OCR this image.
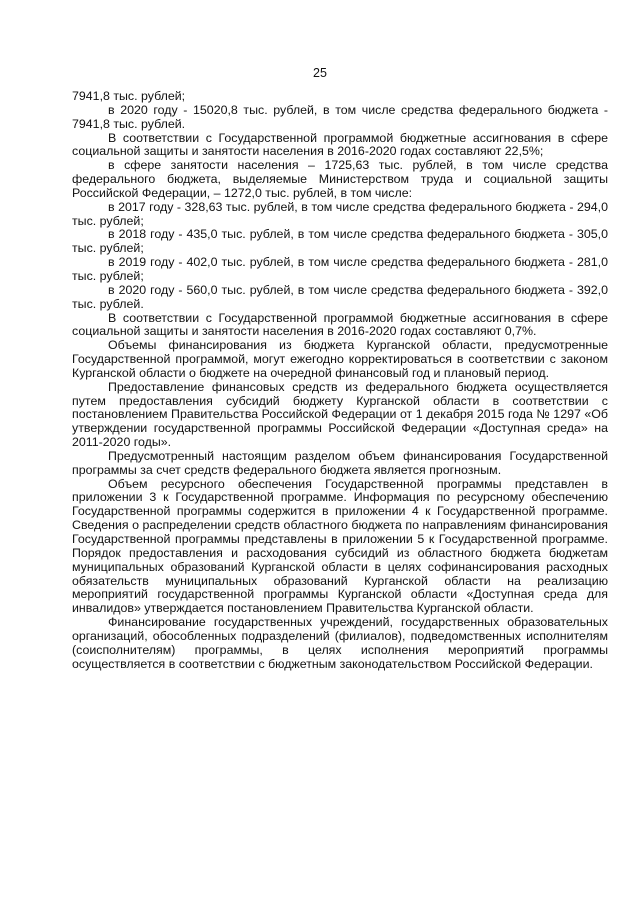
25

7941,8 тыс. рублей;

в 2020 году - 15020,8 тыс. рублей, в том числе средства федерального бюджета - 7941,8 тыс. рублей.

В соответствии с Государственной программой бюджетные ассигнования в сфере социальной защиты и занятости населения в 2016-2020 годах составляют 22,5%;

в сфере занятости населения – 1725,63 тыс. рублей, в том числе средства федерального бюджета, выделяемые Министерством труда и социальной защиты Российской Федерации, – 1272,0 тыс. рублей, в том числе:

в 2017 году - 328,63 тыс. рублей, в том числе средства федерального бюджета - 294,0 тыс. рублей;

в 2018 году - 435,0 тыс. рублей, в том числе средства федерального бюджета - 305,0 тыс. рублей;

в 2019 году - 402,0 тыс. рублей, в том числе средства федерального бюджета - 281,0 тыс. рублей;

в 2020 году - 560,0 тыс. рублей, в том числе средства федерального бюджета - 392,0 тыс. рублей.

В соответствии с Государственной программой бюджетные ассигнования в сфере социальной защиты и занятости населения в 2016-2020 годах составляют 0,7%.

Объемы финансирования из бюджета Курганской области, предусмотренные Государственной программой, могут ежегодно корректироваться в соответствии с законом Курганской области о бюджете на очередной финансовый год и плановый период.

Предоставление финансовых средств из федерального бюджета осуществляется путем предоставления субсидий бюджету Курганской области в соответствии с постановлением Правительства Российской Федерации от 1 декабря 2015 года № 1297 «Об утверждении государственной программы Российской Федерации «Доступная среда» на 2011-2020 годы».

Предусмотренный настоящим разделом объем финансирования Государственной программы за счет средств федерального бюджета является прогнозным.

Объем ресурсного обеспечения Государственной программы представлен в приложении 3 к Государственной программе. Информация по ресурсному обеспечению Государственной программы содержится в приложении 4 к Государственной программе. Сведения о распределении средств областного бюджета по направлениям финансирования Государственной программы представлены в приложении 5 к Государственной программе. Порядок предоставления и расходования субсидий из областного бюджета бюджетам муниципальных образований Курганской области в целях софинансирования расходных обязательств муниципальных образований Курганской области на реализацию мероприятий государственной программы Курганской области «Доступная среда для инвалидов» утверждается постановлением Правительства Курганской области.

Финансирование государственных учреждений, государственных образовательных организаций, обособленных подразделений (филиалов), подведомственных исполнителям (соисполнителям) программы, в целях исполнения мероприятий программы осуществляется в соответствии с бюджетным законодательством Российской Федерации.
